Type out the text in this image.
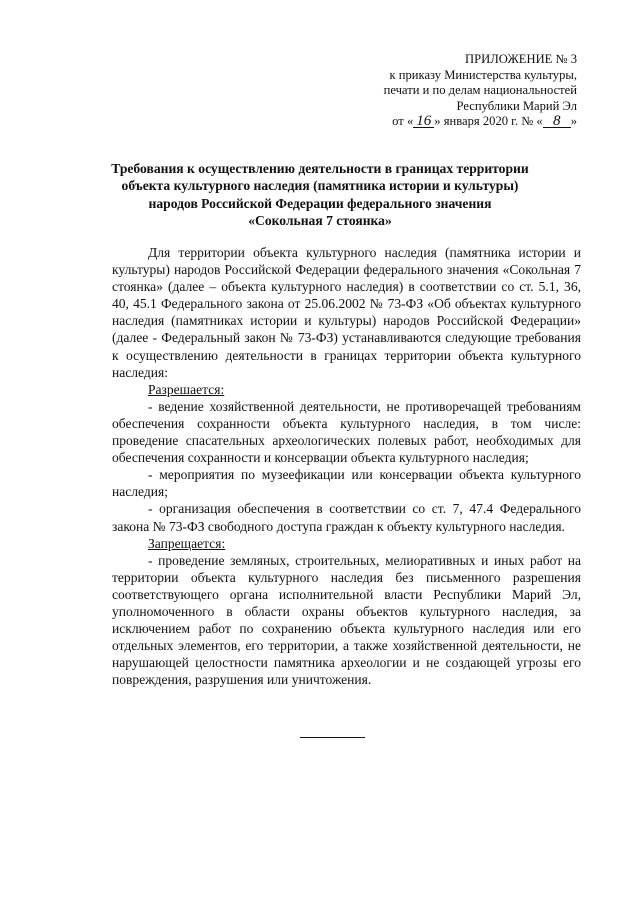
ПРИЛОЖЕНИЕ № 3
к приказу Министерства культуры,
печати и по делам национальностей
Республики Марий Эл
от « 16 » января 2020 г. № « 8 »
Требования к осуществлению деятельности в границах территории
объекта культурного наследия (памятника истории и культуры)
народов Российской Федерации федерального значения
«Сокольная 7 стоянка»

Для территории объекта культурного наследия (памятника истории и культуры) народов Российской Федерации федерального значения «Сокольная 7 стоянка» (далее – объекта культурного наследия) в соответствии со ст. 5.1, 36, 40, 45.1 Федерального закона от 25.06.2002 № 73-ФЗ «Об объектах культурного наследия (памятниках истории и культуры) народов Российской Федерации» (далее - Федеральный закон № 73-ФЗ) устанавливаются следующие требования к осуществлению деятельности в границах территории объекта культурного наследия:

Разрешается:

- ведение хозяйственной деятельности, не противоречащей требованиям обеспечения сохранности объекта культурного наследия, в том числе: проведение спасательных археологических полевых работ, необходимых для обеспечения сохранности и консервации объекта культурного наследия;

- мероприятия по музеефикации или консервации объекта культурного наследия;

- организация обеспечения в соответствии со ст. 7, 47.4 Федерального закона № 73-ФЗ свободного доступа граждан к объекту культурного наследия.

Запрещается:

- проведение земляных, строительных, мелиоративных и иных работ на территории объекта культурного наследия без письменного разрешения соответствующего органа исполнительной власти Республики Марий Эл, уполномоченного в области охраны объектов культурного наследия, за исключением работ по сохранению объекта культурного наследия или его отдельных элементов, его территории, а также хозяйственной деятельности, не нарушающей целостности памятника археологии и не создающей угрозы его повреждения, разрушения или уничтожения.
